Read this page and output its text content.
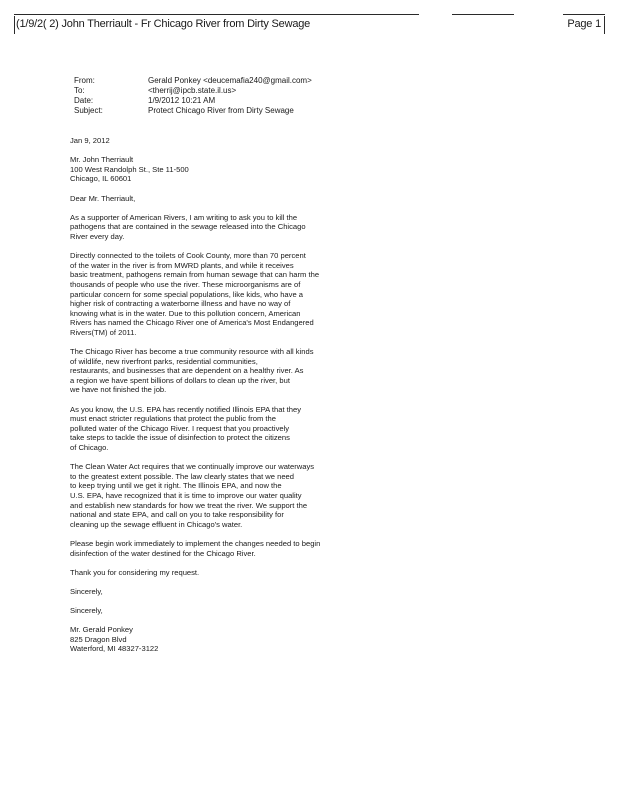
(1/9/2( 2) John Therriault - Fr Chicago River from Dirty Sewage	Page 1
From:	Gerald Ponkey <deucemafia240@gmail.com>
To:	<therrij@ipcb.state.il.us>
Date:	1/9/2012 10:21 AM
Subject:	Protect Chicago River from Dirty Sewage

Jan 9, 2012

Mr. John Therriault
100 West Randolph St., Ste 11-500
Chicago, IL 60601

Dear Mr. Therriault,

As a supporter of American Rivers, I am writing to ask you to kill the
pathogens that are contained in the sewage released into the Chicago
River every day.

Directly connected to the toilets of Cook County, more than 70 percent
of the water in the river is from MWRD plants, and while it receives
basic treatment, pathogens remain from human sewage that can harm the
thousands of people who use the river. These microorganisms are of
particular concern for some special populations, like kids, who have a
higher risk of contracting a waterborne illness and have no way of
knowing what is in the water. Due to this pollution concern, American
Rivers has named the Chicago River one of America's Most Endangered
Rivers(TM) of 2011.

The Chicago River has become a true community resource with all kinds
of wildlife, new riverfront parks, residential communities,
restaurants, and businesses that are dependent on a healthy river. As
a region we have spent billions of dollars to clean up the river, but
we have not finished the job.

As you know, the U.S. EPA has recently notified Illinois EPA that they
must enact stricter regulations that protect the public from the
polluted water of the Chicago River. I request that you proactively
take steps to tackle the issue of disinfection to protect the citizens
of Chicago.

The Clean Water Act requires that we continually improve our waterways
to the greatest extent possible. The law clearly states that we need
to keep trying until we get it right. The Illinois EPA, and now the
U.S. EPA, have recognized that it is time to improve our water quality
and establish new standards for how we treat the river. We support the
national and state EPA, and call on you to take responsibility for
cleaning up the sewage effluent in Chicago's water.

Please begin work immediately to implement the changes needed to begin
disinfection of the water destined for the Chicago River.

Thank you for considering my request.

Sincerely,

Sincerely,

Mr. Gerald Ponkey
825 Dragon Blvd
Waterford, MI 48327-3122
